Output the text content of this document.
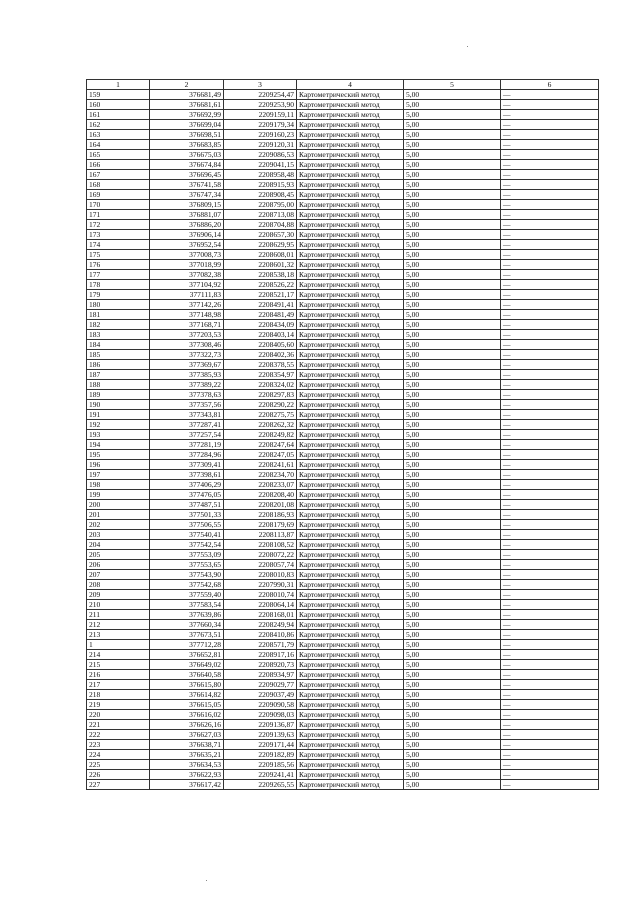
1	2	3	4	5	6
159	376681,49	2209254,47	Картометрический метод	5,00	—
160	376681,61	2209253,90	Картометрический метод	5,00	—
161	376692,99	2209159,11	Картометрический метод	5,00	—
162	376699,04	2209179,34	Картометрический метод	5,00	—
163	376698,51	2209160,23	Картометрический метод	5,00	—
164	376683,85	2209120,31	Картометрический метод	5,00	—
165	376675,03	2209086,53	Картометрический метод	5,00	—
166	376674,84	2209041,15	Картометрический метод	5,00	—
167	376696,45	2208958,48	Картометрический метод	5,00	—
168	376741,58	2208915,93	Картометрический метод	5,00	—
169	376747,34	2208908,45	Картометрический метод	5,00	—
170	376809,15	2208795,00	Картометрический метод	5,00	—
171	376881,07	2208713,08	Картометрический метод	5,00	—
172	376886,20	2208704,88	Картометрический метод	5,00	—
173	376906,14	2208657,30	Картометрический метод	5,00	—
174	376952,54	2208629,95	Картометрический метод	5,00	—
175	377008,73	2208608,01	Картометрический метод	5,00	—
176	377018,99	2208601,32	Картометрический метод	5,00	—
177	377082,38	2208538,18	Картометрический метод	5,00	—
178	377104,92	2208526,22	Картометрический метод	5,00	—
179	377111,83	2208521,17	Картометрический метод	5,00	—
180	377142,26	2208491,41	Картометрический метод	5,00	—
181	377148,98	2208481,49	Картометрический метод	5,00	—
182	377168,71	2208434,09	Картометрический метод	5,00	—
183	377203,53	2208403,14	Картометрический метод	5,00	—
184	377308,46	2208405,60	Картометрический метод	5,00	—
185	377322,73	2208402,36	Картометрический метод	5,00	—
186	377369,67	2208378,55	Картометрический метод	5,00	—
187	377385,93	2208354,97	Картометрический метод	5,00	—
188	377389,22	2208324,02	Картометрический метод	5,00	—
189	377378,63	2208297,83	Картометрический метод	5,00	—
190	377357,56	2208290,22	Картометрический метод	5,00	—
191	377343,81	2208275,75	Картометрический метод	5,00	—
192	377287,41	2208262,32	Картометрический метод	5,00	—
193	377257,54	2208249,82	Картометрический метод	5,00	—
194	377281,19	2208247,64	Картометрический метод	5,00	—
195	377284,96	2208247,05	Картометрический метод	5,00	—
196	377309,41	2208241,61	Картометрический метод	5,00	—
197	377398,61	2208234,70	Картометрический метод	5,00	—
198	377406,29	2208233,07	Картометрический метод	5,00	—
199	377476,05	2208208,40	Картометрический метод	5,00	—
200	377487,51	2208201,08	Картометрический метод	5,00	—
201	377501,33	2208186,93	Картометрический метод	5,00	—
202	377506,55	2208179,69	Картометрический метод	5,00	—
203	377540,41	2208113,87	Картометрический метод	5,00	—
204	377542,54	2208108,52	Картометрический метод	5,00	—
205	377553,09	2208072,22	Картометрический метод	5,00	—
206	377553,65	2208057,74	Картометрический метод	5,00	—
207	377543,90	2208010,83	Картометрический метод	5,00	—
208	377542,68	2207990,31	Картометрический метод	5,00	—
209	377559,40	2208010,74	Картометрический метод	5,00	—
210	377583,54	2208064,14	Картометрический метод	5,00	—
211	377639,86	2208168,01	Картометрический метод	5,00	—
212	377660,34	2208249,94	Картометрический метод	5,00	—
213	377673,51	2208410,86	Картометрический метод	5,00	—
1	377712,28	2208571,79	Картометрический метод	5,00	—
214	376652,81	2208917,16	Картометрический метод	5,00	—
215	376649,02	2208920,73	Картометрический метод	5,00	—
216	376640,58	2208934,97	Картометрический метод	5,00	—
217	376615,80	2209029,77	Картометрический метод	5,00	—
218	376614,82	2209037,49	Картометрический метод	5,00	—
219	376615,05	2209090,58	Картометрический метод	5,00	—
220	376616,02	2209098,03	Картометрический метод	5,00	—
221	376626,16	2209136,87	Картометрический метод	5,00	—
222	376627,03	2209139,63	Картометрический метод	5,00	—
223	376638,71	2209171,44	Картометрический метод	5,00	—
224	376635,21	2209182,89	Картометрический метод	5,00	—
225	376634,53	2209185,56	Картометрический метод	5,00	—
226	376622,93	2209241,41	Картометрический метод	5,00	—
227	376617,42	2209265,55	Картометрический метод	5,00	—
